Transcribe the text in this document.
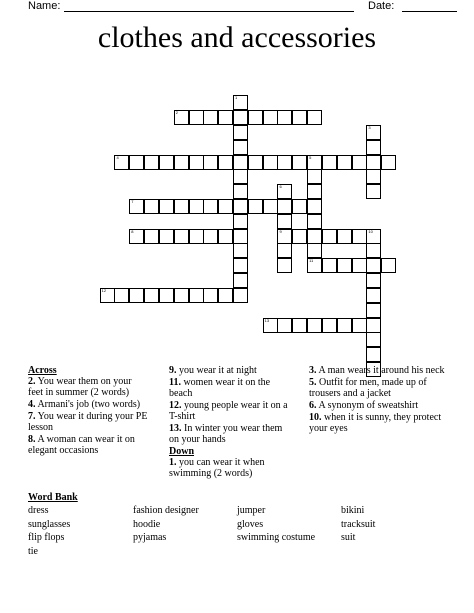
Name:	Date:
clothes and accessories
1
2
3
4	5
6
7
8	9	10
11
12
13
Across
2. You wear them on your feet in summer (2 words)
4. Armani's job (two words)
7. You wear it during your PE lesson
8. A woman can wear it on elegant occasions
9. you wear it at night
11. women wear it on the beach
12. young people wear it on a T-shirt
13. In winter you wear them on your hands
Down
1. you can wear it when swimming (2 words)
3. A man wears it around his neck
5. Outfit for men, made up of trousers and a jacket
6. A synonym of sweatshirt
10. when it is sunny, they protect your eyes
Word Bank
dress	fashion designer	jumper	bikini
sunglasses	hoodie	gloves	tracksuit
flip flops	pyjamas	swimming costume	suit
tie
